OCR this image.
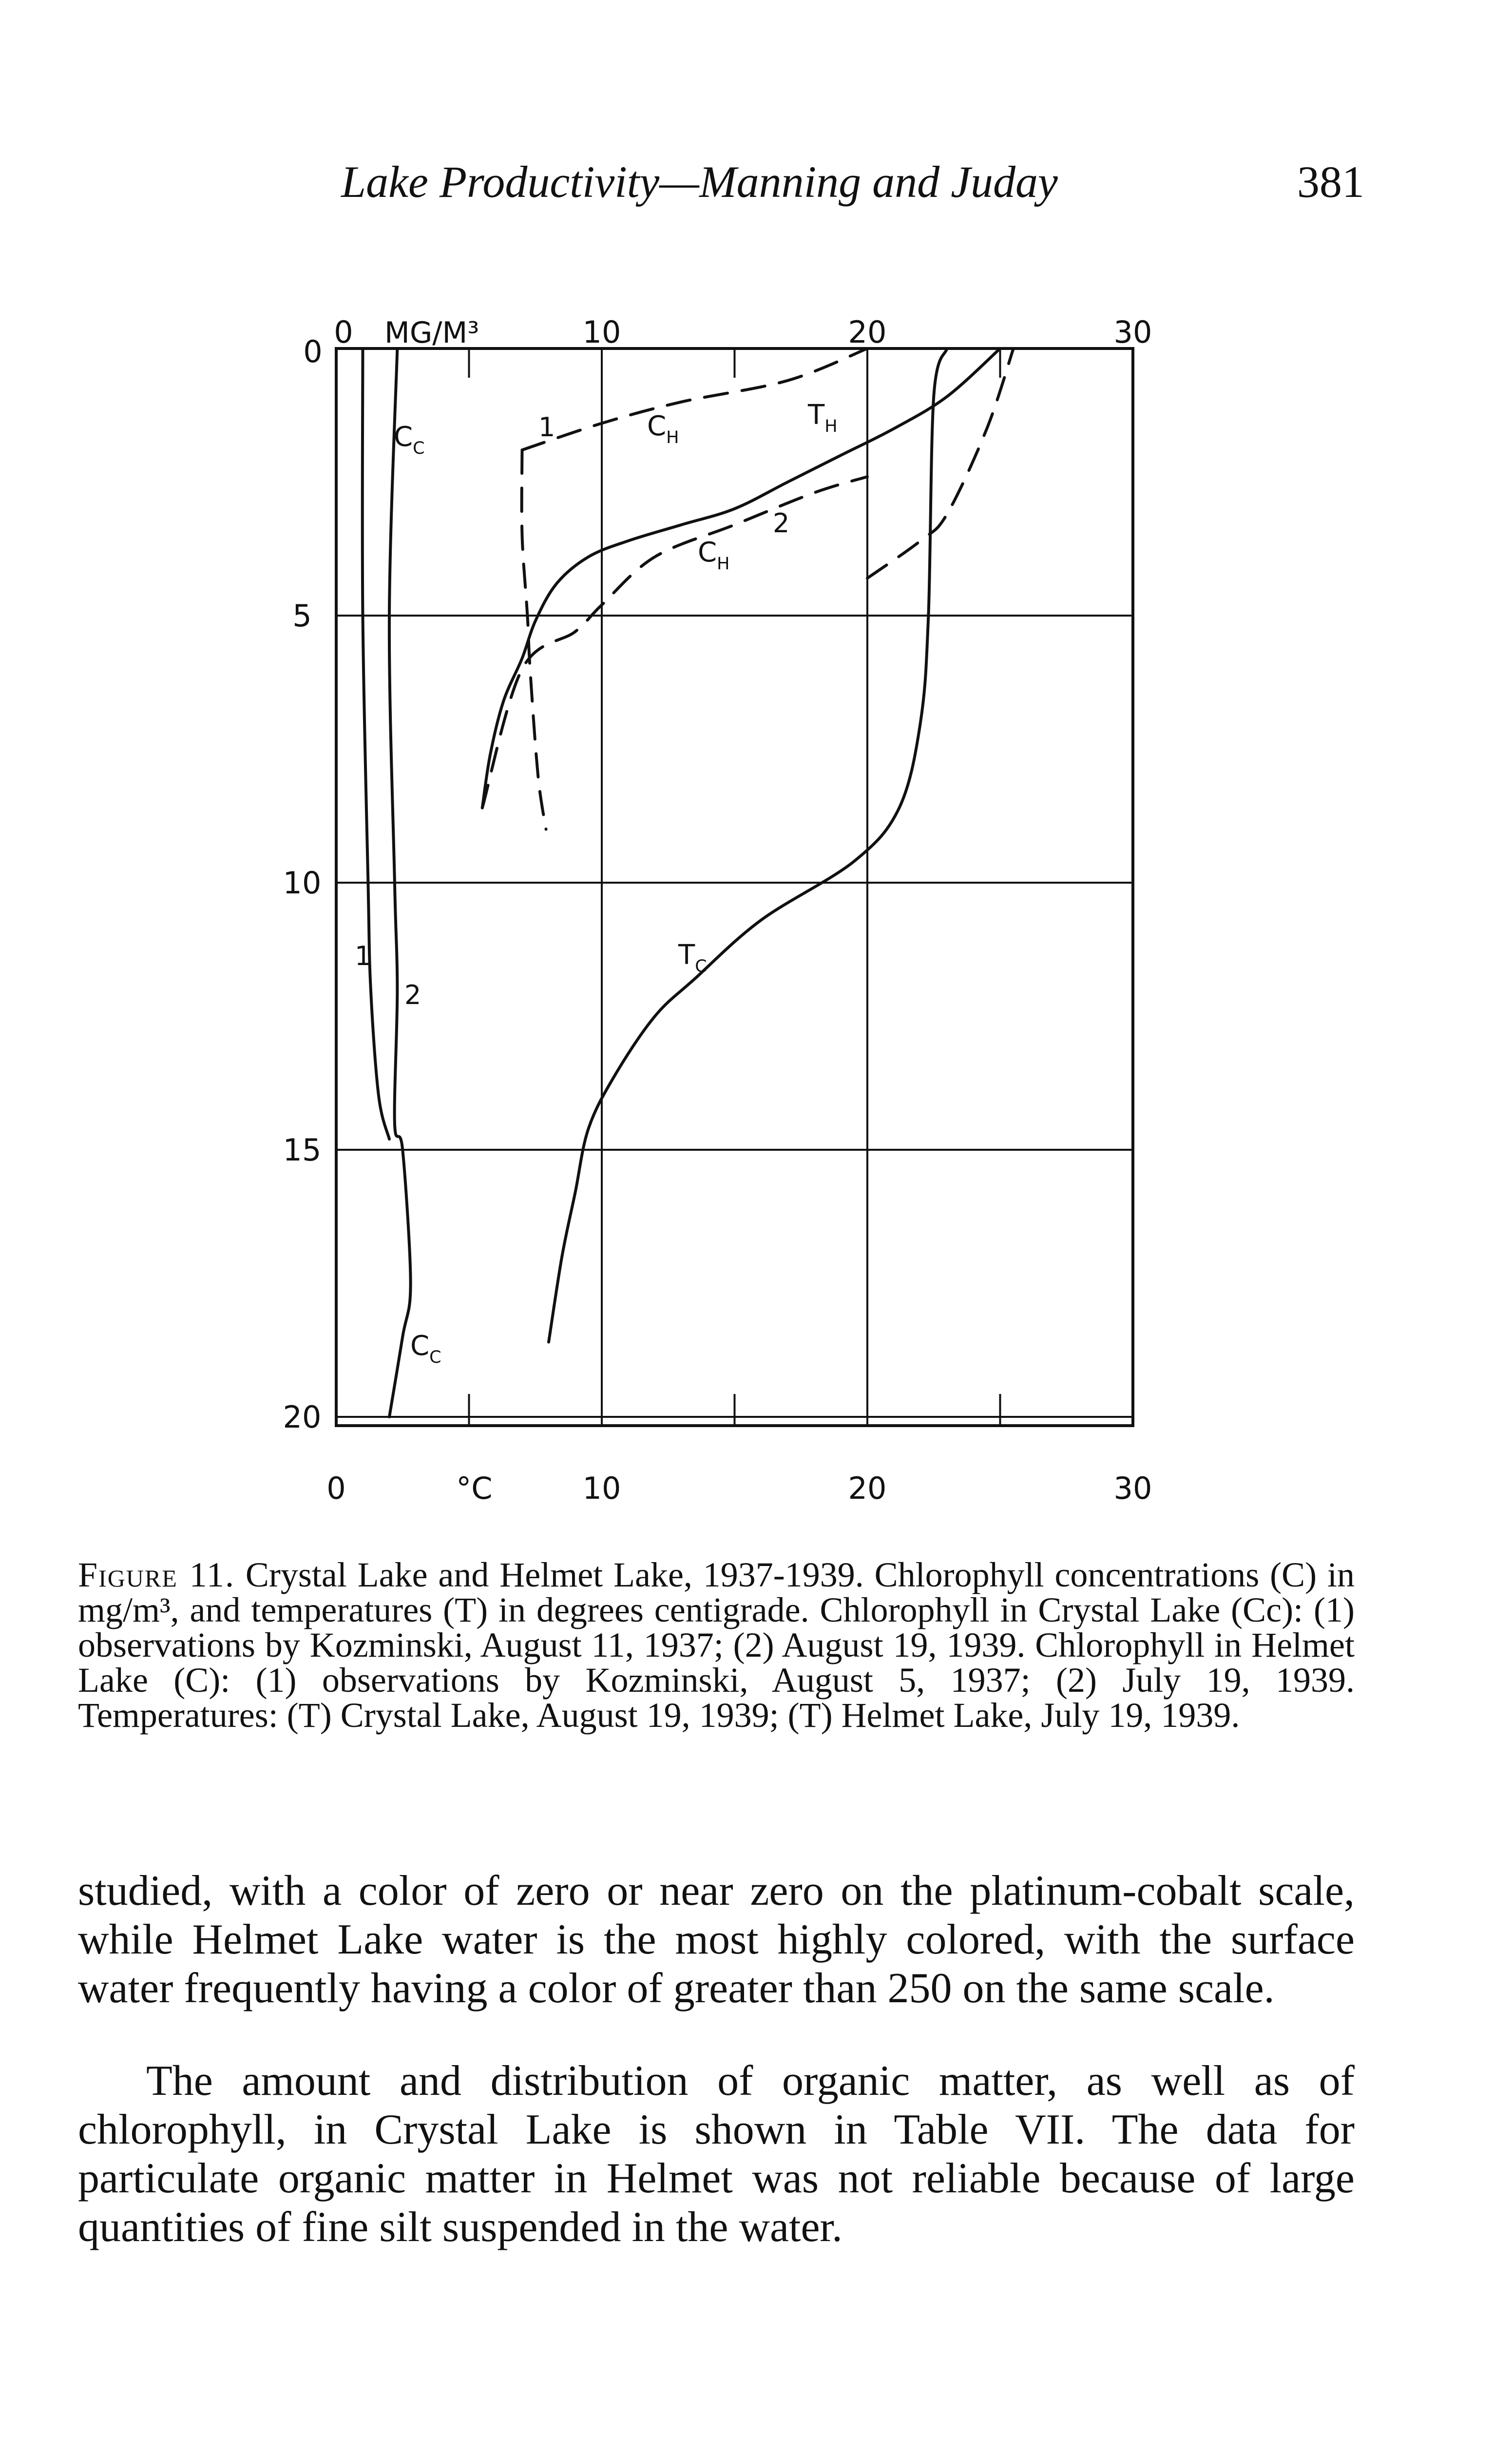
Lake Productivity—Manning and Juday	381
0	10	20	30
MG/M³
0
5
10
15
20
0	10	20	30
°C
$C_C$
$C_C$
$C_H$
$C_H$
$T_H$
$T_C$
1
2
1
2
Figure 11. Crystal Lake and Helmet Lake, 1937-1939. Chlorophyll concentrations (C) in mg/m³, and temperatures (T) in degrees centigrade. Chlorophyll in Crystal Lake (Cc): (1) observations by Kozminski, August 11, 1937; (2) August 19, 1939. Chlorophyll in Helmet Lake (C): (1) observations by Kozminski, August 5, 1937; (2) July 19, 1939. Temperatures: (T) Crystal Lake, August 19, 1939; (T) Helmet Lake, July 19, 1939.

studied, with a color of zero or near zero on the platinum-cobalt scale, while Helmet Lake water is the most highly colored, with the surface water frequently having a color of greater than 250 on the same scale.

The amount and distribution of organic matter, as well as of chlorophyll, in Crystal Lake is shown in Table VII. The data for particulate organic matter in Helmet was not reliable because of large quantities of fine silt suspended in the water.
